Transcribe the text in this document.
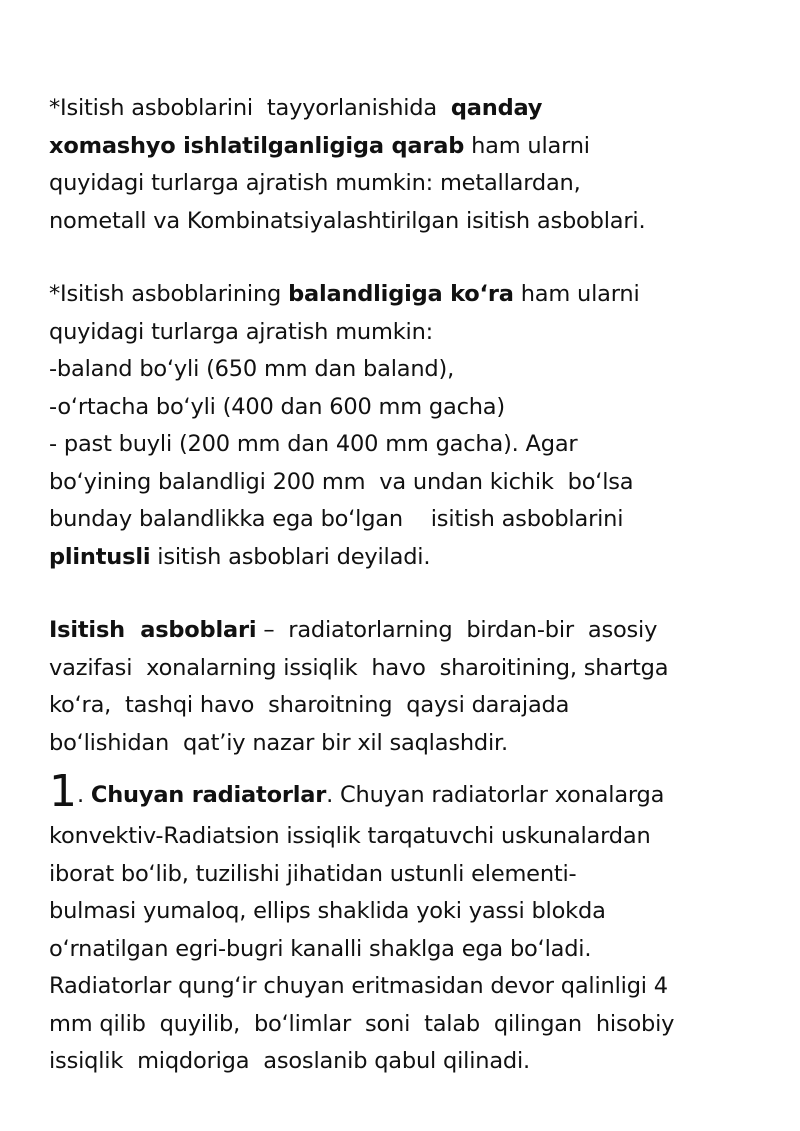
*Isitish asboblarini  tayyorlanishida  qanday
xomashyo ishlatilganligiga qarab ham ularni
quyidagi turlarga ajratish mumkin: metallardan,
nometall va Kombinatsiyalashtirilgan isitish asboblari.
*Isitish asboblarining balandligiga ko‘ra ham ularni
quyidagi turlarga ajratish mumkin:
-baland bo‘yli (650 mm dan baland),
-o‘rtacha bo‘yli (400 dan 600 mm gacha)
- past buyli (200 mm dan 400 mm gacha). Agar
bo‘yining balandligi 200 mm  va undan kichik  bo‘lsa
bunday balandlikka ega bo‘lgan    isitish asboblarini
plintusli isitish asboblari deyiladi.
Isitish  asboblari –  radiatorlarning  birdan-bir  asosiy
vazifasi  xonalarning issiqlik  havo  sharoitining, shartga
ko‘ra,  tashqi havo  sharoitning  qaysi darajada
bo‘lishidan  qat’iy nazar bir xil saqlashdir.
1. Chuyan radiatorlar. Chuyan radiatorlar xonalarga
konvektiv-Radiatsion issiqlik tarqatuvchi uskunalardan
iborat bo‘lib, tuzilishi jihatidan ustunli elementi-
bulmasi yumaloq, ellips shaklida yoki yassi blokda
o‘rnatilgan egri-bugri kanalli shaklga ega bo‘ladi.
Radiatorlar qung‘ir chuyan eritmasidan devor qalinligi 4
mm qilib  quyilib,  bo‘limlar  soni  talab  qilingan  hisobiy
issiqlik  miqdoriga  asoslanib qabul qilinadi.
